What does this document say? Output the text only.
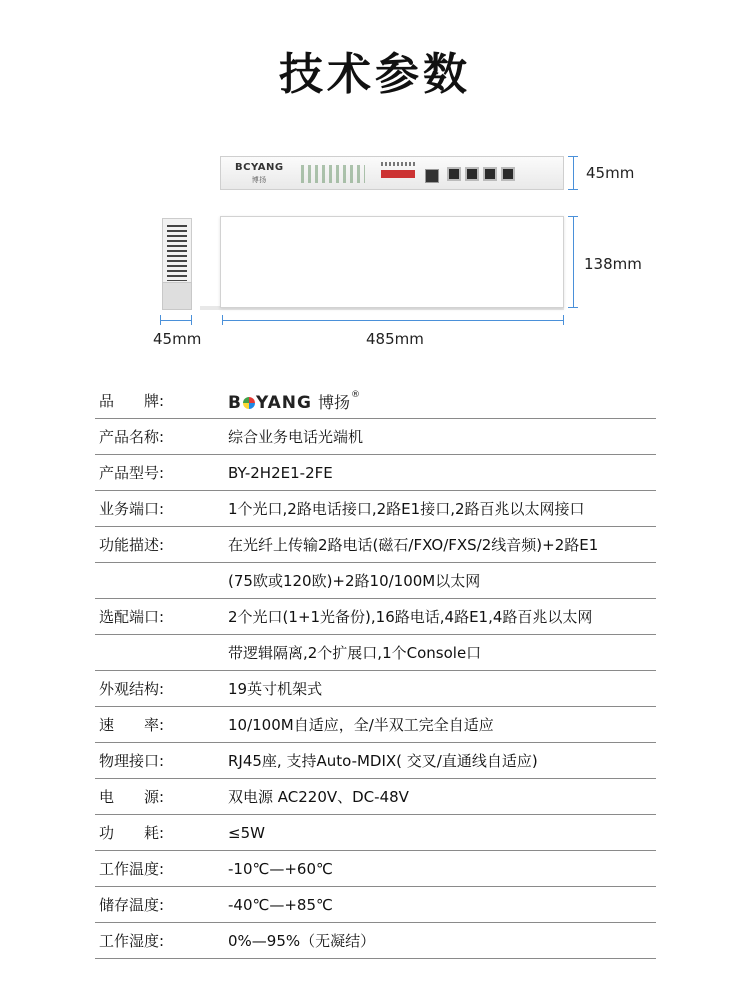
技术参数
BCYANG
博扬	45mm
138mm
45mm	485mm
品　　牌:	B YANG 博扬®
产品名称:	综合业务电话光端机
产品型号:	BY-2H2E1-2FE
业务端口:	1个光口,2路电话接口,2路E1接口,2路百兆以太网接口
功能描述:	在光纤上传输2路电话(磁石/FXO/FXS/2线音频)+2路E1
(75欧或120欧)+2路10/100M以太网
选配端口:	2个光口(1+1光备份),16路电话,4路E1,4路百兆以太网
带逻辑隔离,2个扩展口,1个Console口
外观结构:	19英寸机架式
速　　率:	10/100M自适应，全/半双工完全自适应
物理接口:	RJ45座, 支持Auto-MDIX( 交叉/直通线自适应)
电　　源:	双电源 AC220V、DC-48V
功　　耗:	≤5W
工作温度:	-10℃—+60℃
储存温度:	-40℃—+85℃
工作湿度:	0%—95%（无凝结）
